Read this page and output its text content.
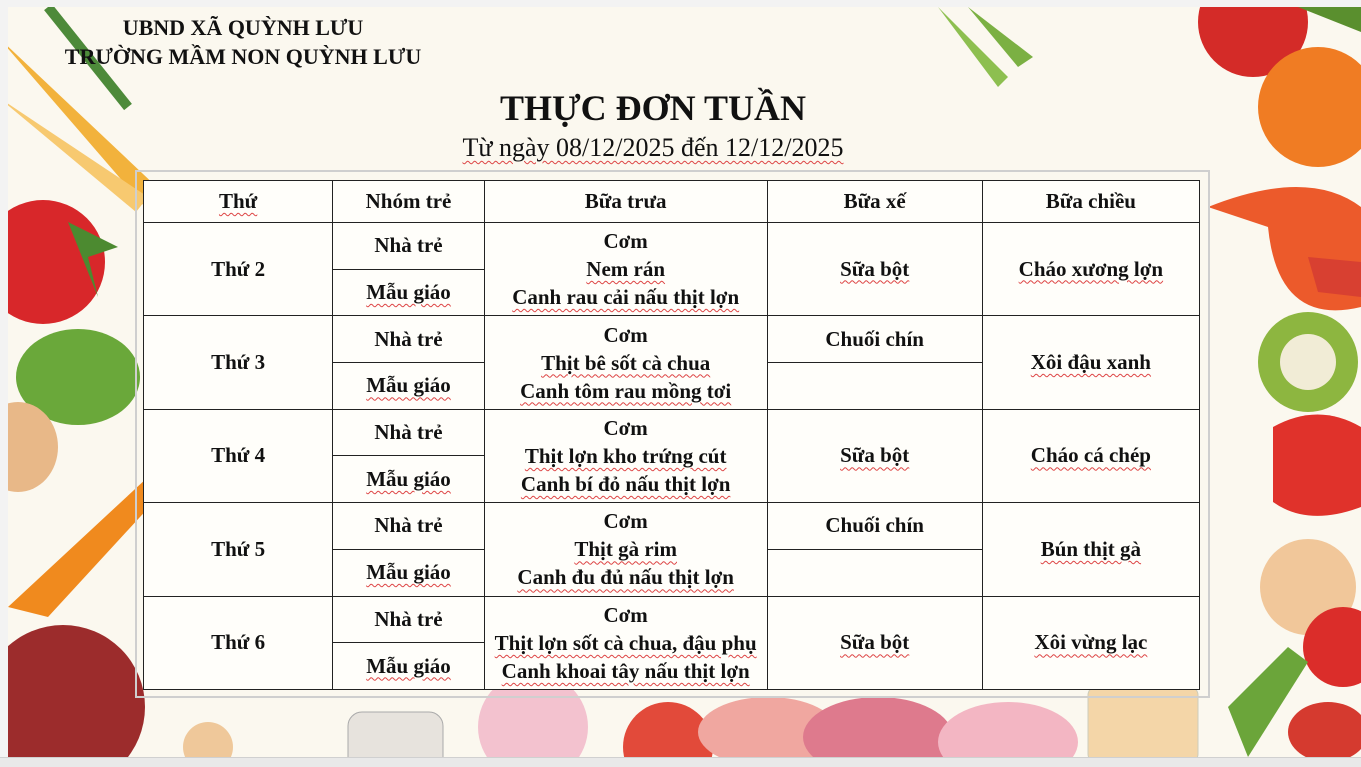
UBND XÃ QUỲNH LƯU
TRƯỜNG MẦM NON QUỲNH LƯU
THỰC ĐƠN TUẦN
Từ ngày 08/12/2025 đến 12/12/2025
Thứ	Nhóm trẻ	Bữa trưa	Bữa xế	Bữa chiều
Thứ 2	Nhà trẻ	Cơm
Nem rán
Canh rau cải nấu thịt lợn	Sữa bột	Cháo xương lợn
	Mẫu giáo			
Thứ 3	Nhà trẻ	Cơm
Thịt bê sốt cà chua
Canh tôm rau mồng tơi	Chuối chín	Xôi đậu xanh
	Mẫu giáo			
Thứ 4	Nhà trẻ	Cơm
Thịt lợn kho trứng cút
Canh bí đỏ nấu thịt lợn	Sữa bột	Cháo cá chép
	Mẫu giáo			
Thứ 5	Nhà trẻ	Cơm
Thịt gà rim
Canh đu đủ nấu thịt lợn	Chuối chín	Bún thịt gà
	Mẫu giáo			
Thứ 6	Nhà trẻ	Cơm
Thịt lợn sốt cà chua, đậu phụ
Canh khoai tây nấu thịt lợn	Sữa bột	Xôi vừng lạc
	Mẫu giáo			
